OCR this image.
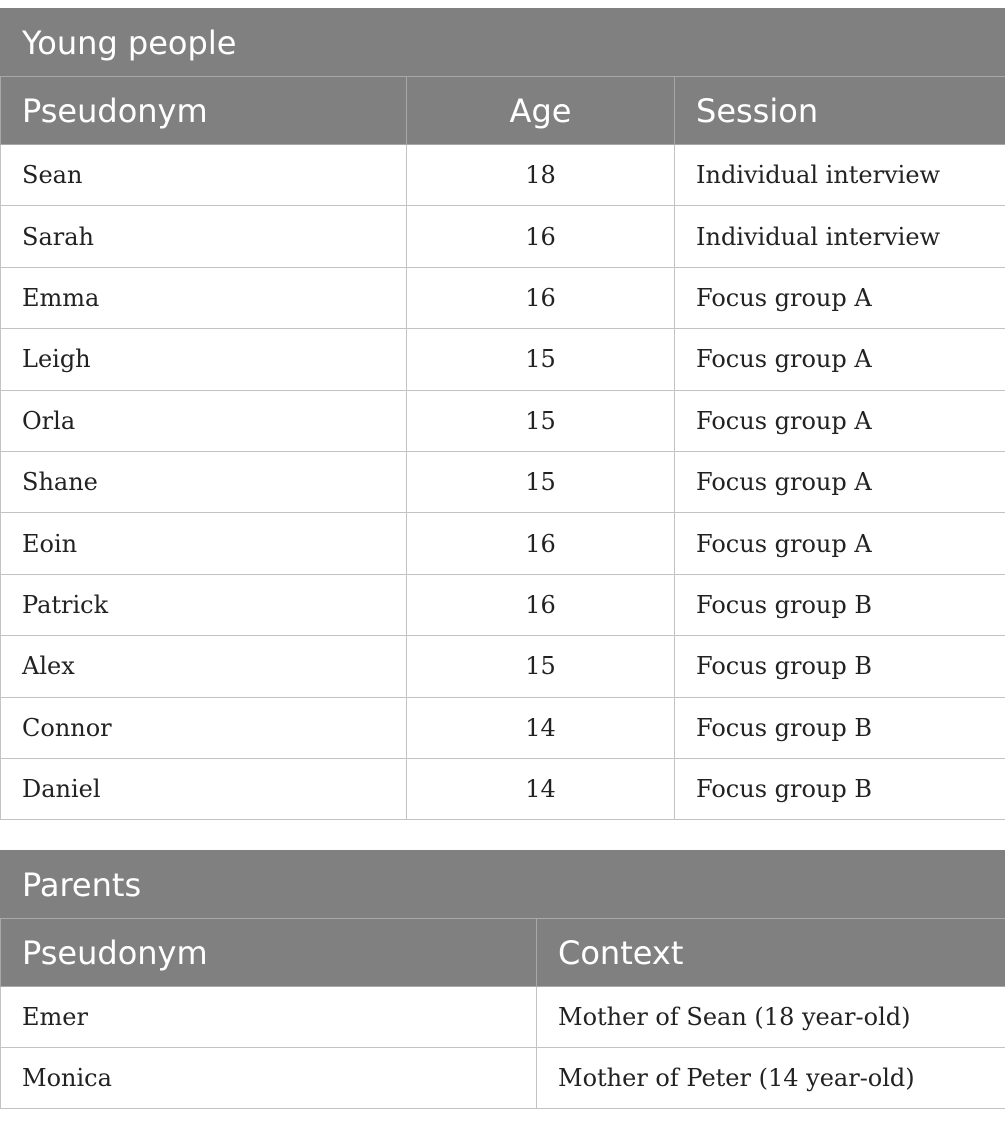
Young people		
Pseudonym	Age	Session
Sean	18	Individual interview
Sarah	16	Individual interview
Emma	16	Focus group A
Leigh	15	Focus group A
Orla	15	Focus group A
Shane	15	Focus group A
Eoin	16	Focus group A
Patrick	16	Focus group B
Alex	15	Focus group B
Connor	14	Focus group B
Daniel	14	Focus group B
Parents	
Pseudonym	Context
Emer	Mother of Sean (18 year-old)
Monica	Mother of Peter (14 year-old)
